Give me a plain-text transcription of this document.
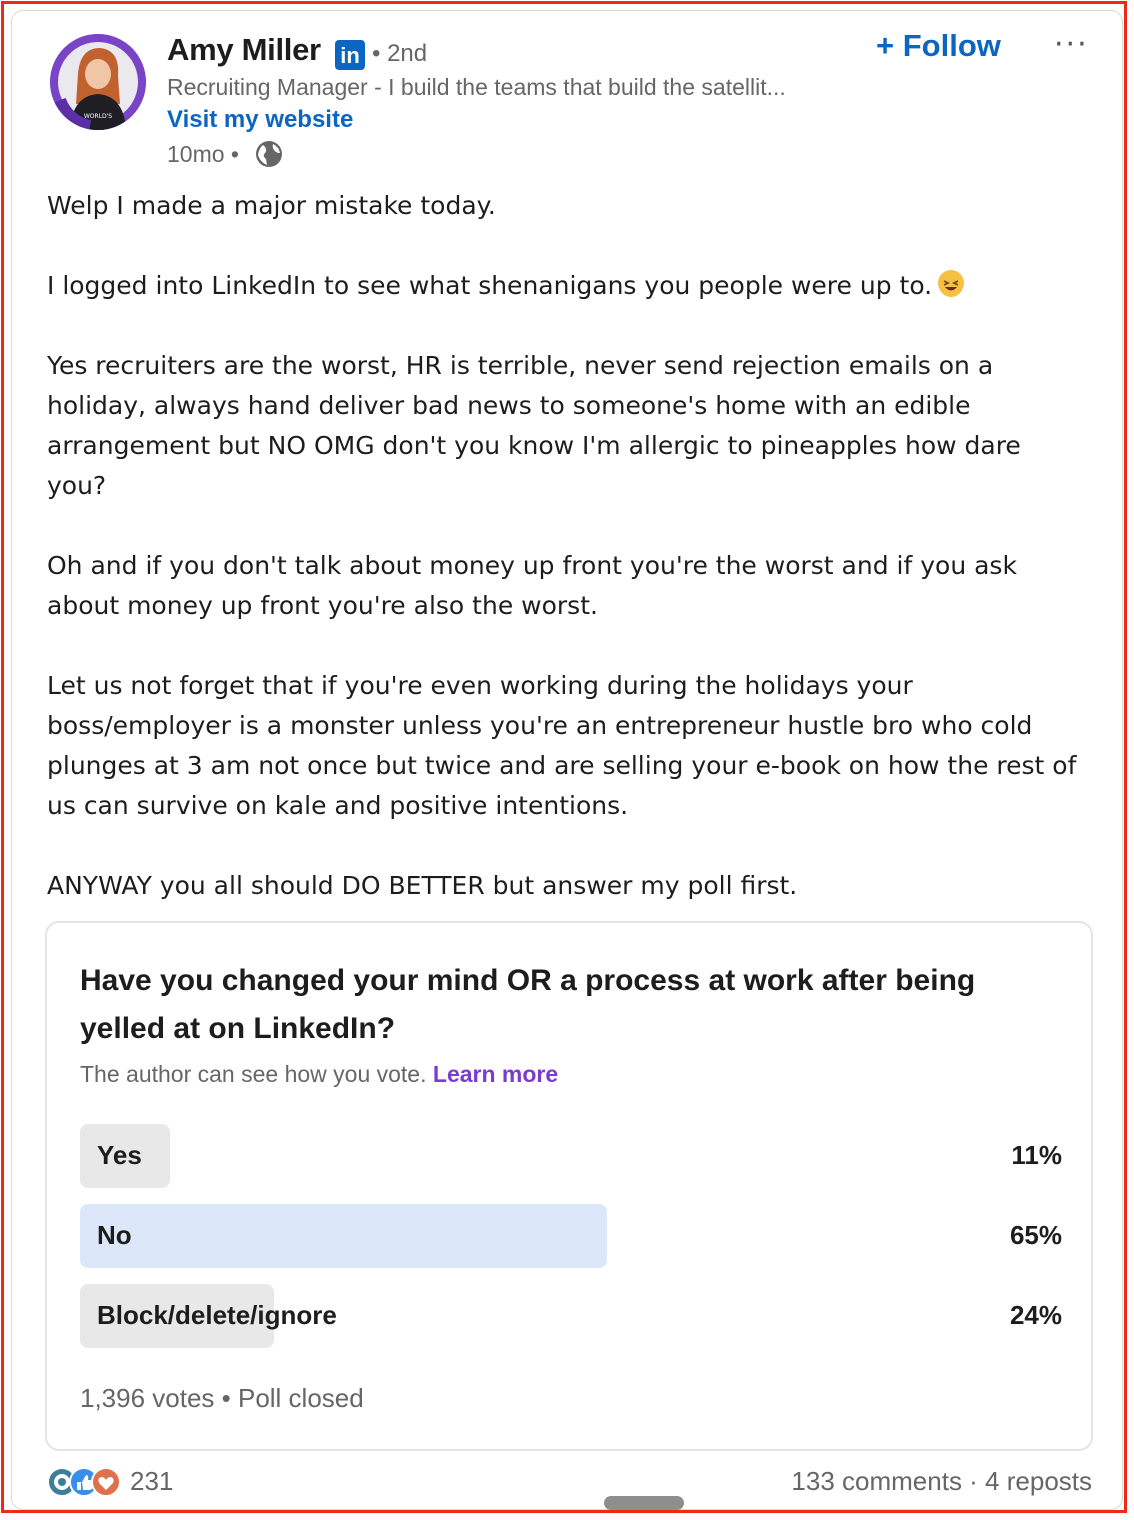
WORLD'S
Amy Miller in • 2nd
Recruiting Manager - I build the teams that build the satellit...
Visit my website
10mo •
+ Follow ···

Welp I made a major mistake today.

I logged into LinkedIn to see what shenanigans you people were up to.

Yes recruiters are the worst, HR is terrible, never send rejection emails on a holiday, always hand deliver bad news to someone's home with an edible arrangement but NO OMG don't you know I'm allergic to pineapples how dare you?

Oh and if you don't talk about money up front you're the worst and if you ask about money up front you're also the worst.

Let us not forget that if you're even working during the holidays your boss/employer is a monster unless you're an entrepreneur hustle bro who cold plunges at 3 am not once but twice and are selling your e-book on how the rest of us can survive on kale and positive intentions.

ANYWAY you all should DO BETTER but answer my poll first.

Have you changed your mind OR a process at work after being yelled at on LinkedIn?
The author can see how you vote. Learn more
Yes	11%
No	65%
Block/delete/ignore	24%
1,396 votes • Poll closed
231	133 comments · 4 reposts
